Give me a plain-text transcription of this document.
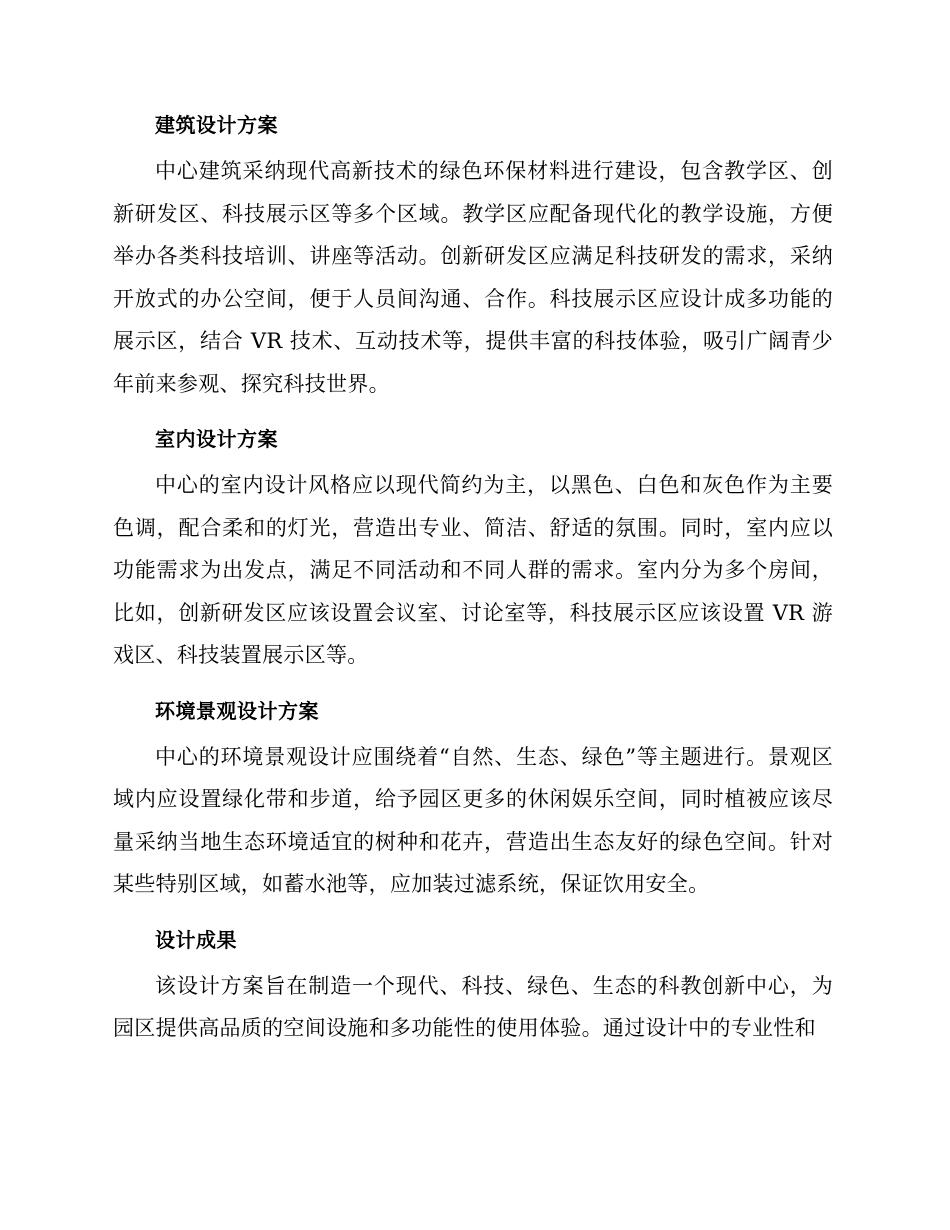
建筑设计方案

中心建筑采纳现代高新技术的绿色环保材料进行建设，包含教学区、创新研发区、科技展示区等多个区域。教学区应配备现代化的教学设施，方便举办各类科技培训、讲座等活动。创新研发区应满足科技研发的需求，采纳开放式的办公空间，便于人员间沟通、合作。科技展示区应设计成多功能的展示区，结合 VR 技术、互动技术等，提供丰富的科技体验，吸引广阔青少年前来参观、探究科技世界。

室内设计方案

中心的室内设计风格应以现代简约为主，以黑色、白色和灰色作为主要色调，配合柔和的灯光，营造出专业、简洁、舒适的氛围。同时，室内应以功能需求为出发点，满足不同活动和不同人群的需求。室内分为多个房间，比如，创新研发区应该设置会议室、讨论室等，科技展示区应该设置 VR 游戏区、科技装置展示区等。

环境景观设计方案

中心的环境景观设计应围绕着“自然、生态、绿色”等主题进行。景观区域内应设置绿化带和步道，给予园区更多的休闲娱乐空间，同时植被应该尽量采纳当地生态环境适宜的树种和花卉，营造出生态友好的绿色空间。针对某些特别区域，如蓄水池等，应加装过滤系统，保证饮用安全。

设计成果

该设计方案旨在制造一个现代、科技、绿色、生态的科教创新中心，为园区提供高品质的空间设施和多功能性的使用体验。通过设计中的专业性和
